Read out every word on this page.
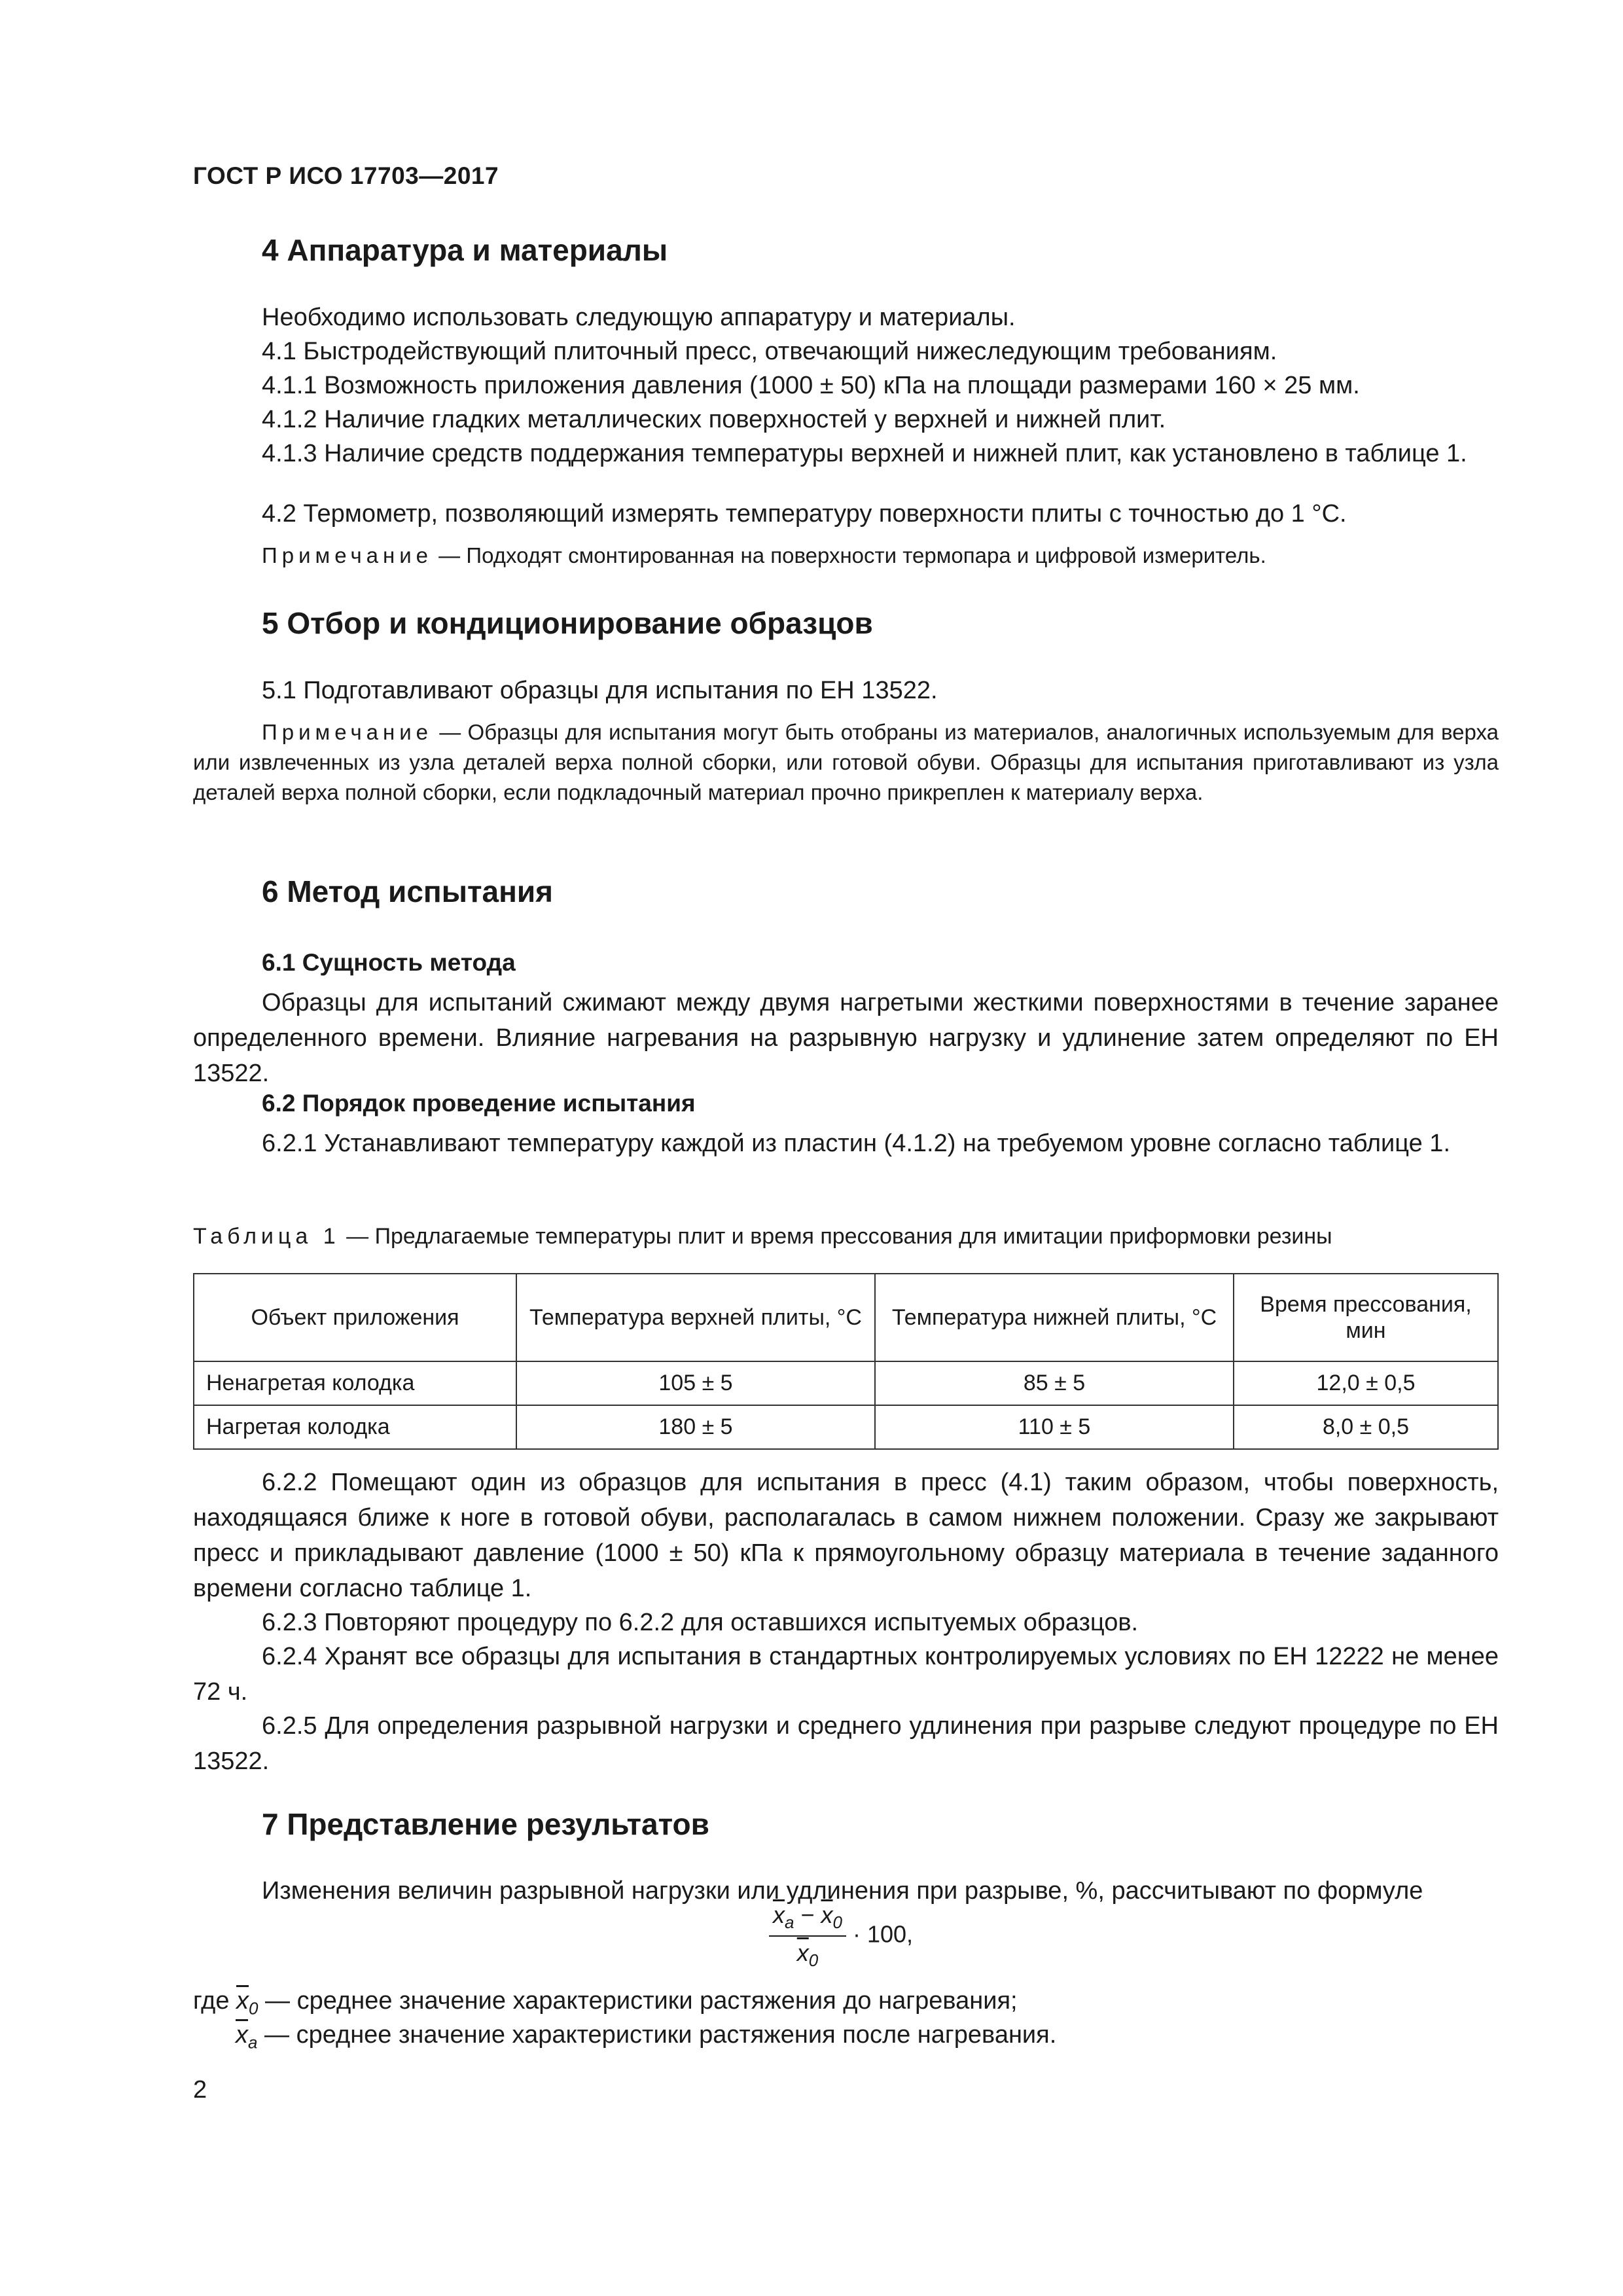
ГОСТ Р ИСО 17703—2017
4 Аппаратура и материалы
Необходимо использовать следующую аппаратуру и материалы.
4.1 Быстродействующий плиточный пресс, отвечающий нижеследующим требованиям.
4.1.1 Возможность приложения давления (1000 ± 50) кПа на площади размерами 160 × 25 мм.
4.1.2 Наличие гладких металлических поверхностей у верхней и нижней плит.
4.1.3 Наличие средств поддержания температуры верхней и нижней плит, как установлено в таблице 1.
4.2 Термометр, позволяющий измерять температуру поверхности плиты с точностью до 1 °С.
Примечание — Подходят смонтированная на поверхности термопара и цифровой измеритель.
5 Отбор и кондиционирование образцов
5.1 Подготавливают образцы для испытания по ЕН 13522.
Примечание — Образцы для испытания могут быть отобраны из материалов, аналогичных используемым для верха или извлеченных из узла деталей верха полной сборки, или готовой обуви. Образцы для испытания приготавливают из узла деталей верха полной сборки, если подкладочный материал прочно прикреплен к материалу верха.
6 Метод испытания
6.1 Сущность метода
Образцы для испытаний сжимают между двумя нагретыми жесткими поверхностями в течение заранее определенного времени. Влияние нагревания на разрывную нагрузку и удлинение затем определяют по ЕН 13522.
6.2 Порядок проведение испытания
6.2.1 Устанавливают температуру каждой из пластин (4.1.2) на требуемом уровне согласно таблице 1.
Таблица 1 — Предлагаемые температуры плит и время прессования для имитации приформовки резины
Объект приложения	Температура верхней плиты, °С	Температура нижней плиты, °С	Время прессования, мин
Ненагретая колодка	105 ± 5	85 ± 5	12,0 ± 0,5
Нагретая колодка	180 ± 5	110 ± 5	8,0 ± 0,5
6.2.2 Помещают один из образцов для испытания в пресс (4.1) таким образом, чтобы поверхность, находящаяся ближе к ноге в готовой обуви, располагалась в самом нижнем положении. Сразу же закрывают пресс и прикладывают давление (1000 ± 50) кПа к прямоугольному образцу материала в течение заданного времени согласно таблице 1.
6.2.3 Повторяют процедуру по 6.2.2 для оставшихся испытуемых образцов.
6.2.4 Хранят все образцы для испытания в стандартных контролируемых условиях по ЕН 12222 не менее 72 ч.
6.2.5 Для определения разрывной нагрузки и среднего удлинения при разрыве следуют процедуре по ЕН 13522.
7 Представление результатов
Изменения величин разрывной нагрузки или удлинения при разрыве, %, рассчитывают по формуле
$\frac{\overline{x}_a - \overline{x}_0}{\overline{x}_0} \cdot 100$,
где $\overline{x}_0$ — среднее значение характеристики растяжения до нагревания;
$\overline{x}_a$ — среднее значение характеристики растяжения после нагревания.
2
